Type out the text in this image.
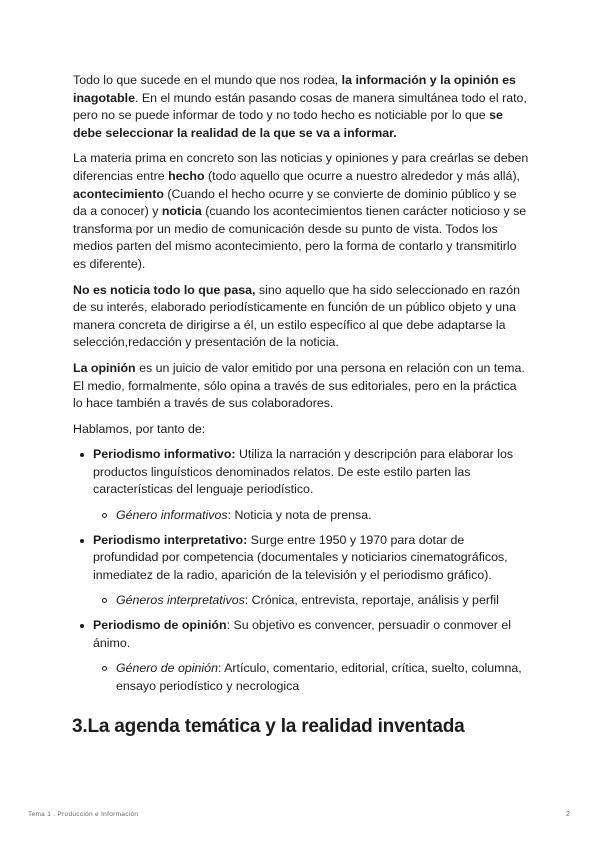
Todo lo que sucede en el mundo que nos rodea, la información y la opinión es inagotable. En el mundo están pasando cosas de manera simultánea todo el rato, pero no se puede informar de todo y no todo hecho es noticiable por lo que se debe seleccionar la realidad de la que se va a informar.

La materia prima en concreto son las noticias y opiniones y para creárlas se deben diferencias entre hecho (todo aquello que ocurre a nuestro alrededor y más allá), acontecimiento (Cuando el hecho ocurre y se convierte de dominio público y se da a conocer) y noticia (cuando los acontecimientos tienen carácter noticioso y se transforma por un medio de comunicación desde su punto de vista. Todos los medios parten del mismo acontecimiento, pero la forma de contarlo y transmitirlo es diferente).

No es noticia todo lo que pasa, sino aquello que ha sido seleccionado en razón de su interés, elaborado periodísticamente en función de un público objeto y una manera concreta de dirigirse a él, un estilo específico al que debe adaptarse la selección,redacción y presentación de la noticia.

La opinión es un juicio de valor emitido por una persona en relación con un tema. El medio, formalmente, sólo opina a través de sus editoriales, pero en la práctica lo hace también a través de sus colaboradores.

Hablamos, por tanto de:

Periodismo informativo: Utiliza la narración y descripción para elaborar los productos linguísticos denominados relatos. De este estilo parten las características del lenguaje periodístico.
Género informativos: Noticia y nota de prensa.
Periodismo interpretativo: Surge entre 1950 y 1970 para dotar de profundidad por competencia (documentales y noticiarios cinematográficos, inmediatez de la radio, aparición de la televisión y el periodismo gráfico).
Géneros interpretativos: Crónica, entrevista, reportaje, análisis y perfil
Periodismo de opinión: Su objetivo es convencer, persuadir o conmover el ánimo.
Género de opinión: Artículo, comentario, editorial, crítica, suelto, columna, ensayo periodístico y necrologica
3.La agenda temática y la realidad inventada
Tema 1 . Producción e Información	2
